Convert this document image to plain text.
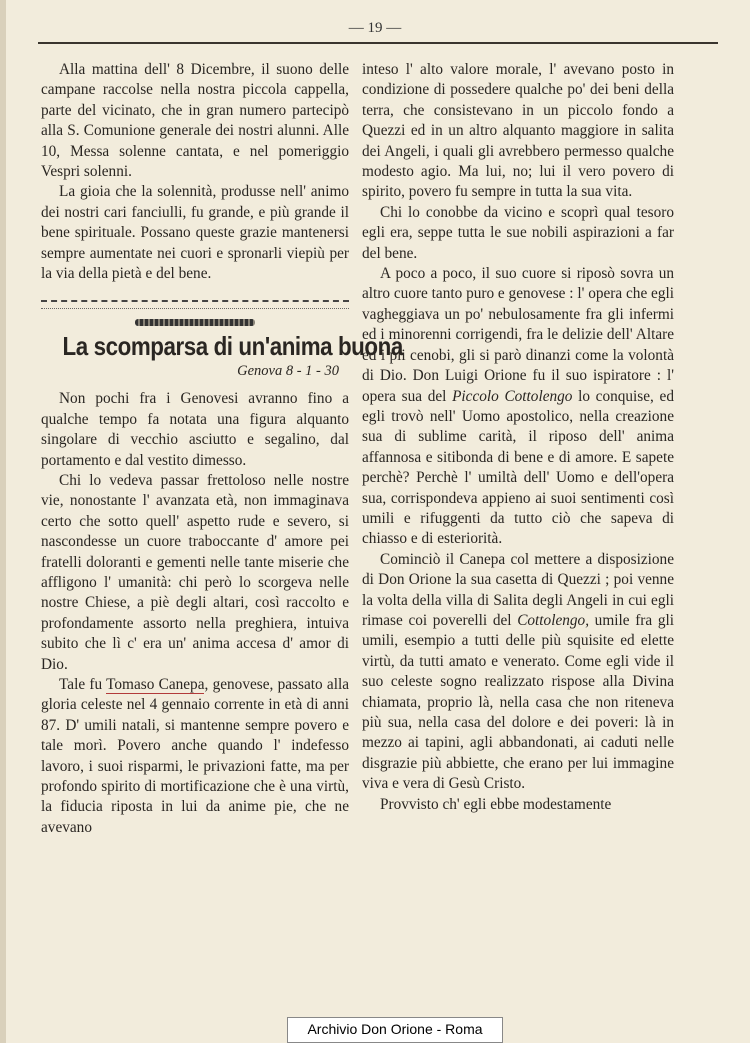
— 19 —

Alla mattina dell' 8 Dicembre, il suono delle campane raccolse nella nostra piccola cappella, parte del vicinato, che in gran numero partecipò alla S. Comunione generale dei nostri alunni. Alle 10, Messa solenne cantata, e nel pomeriggio Vespri solenni.

La gioia che la solennità, produsse nell' animo dei nostri cari fanciulli, fu grande, e più grande il bene spirituale. Possano queste grazie mantenersi sempre aumentate nei cuori e spronarli viepiù per la via della pietà e del bene.

La scomparsa di un'anima buona
Genova 8 - 1 - 30

Non pochi fra i Genovesi avranno fino a qualche tempo fa notata una figura alquanto singolare di vecchio asciutto e segalino, dal portamento e dal vestito dimesso.

Chi lo vedeva passar frettoloso nelle nostre vie, nonostante l' avanzata età, non immaginava certo che sotto quell' aspetto rude e severo, si nascondesse un cuore traboccante d' amore pei fratelli doloranti e gementi nelle tante miserie che affligono l' umanità: chi però lo scorgeva nelle nostre Chiese, a piè degli altari, così raccolto e profondamente assorto nella preghiera, intuiva subito che lì c' era un' anima accesa d' amor di Dio.

Tale fu Tomaso Canepa, genovese, passato alla gloria celeste nel 4 gennaio corrente in età di anni 87. D' umili natali, si mantenne sempre povero e tale morì. Povero anche quando l' indefesso lavoro, i suoi risparmi, le privazioni fatte, ma per profondo spirito di mortificazione che è una virtù, la fiducia riposta in lui da anime pie, che ne avevano

inteso l' alto valore morale, l' avevano posto in condizione di possedere qualche po' dei beni della terra, che consistevano in un piccolo fondo a Quezzi ed in un altro alquanto maggiore in salita dei Angeli, i quali gli avrebbero permesso qualche modesto agio. Ma lui, no; lui il vero povero di spirito, povero fu sempre in tutta la sua vita.

Chi lo conobbe da vicino e scoprì qual tesoro egli era, seppe tutta le sue nobili aspirazioni a far del bene.

A poco a poco, il suo cuore si riposò sovra un altro cuore tanto puro e genovese : l' opera che egli vagheggiava un po' nebulosamente fra gli infermi ed i minorenni corrigendi, fra le delizie dell' Altare ed i pii cenobi, gli si parò dinanzi come la volontà di Dio. Don Luigi Orione fu il suo ispiratore : l' opera sua del Piccolo Cottolengo lo conquise, ed egli trovò nell' Uomo apostolico, nella creazione sua di sublime carità, il riposo dell' anima affannosa e sitibonda di bene e di amore. E sapete perchè? Perchè l' umiltà dell' Uomo e dell'opera sua, corrispondeva appieno ai suoi sentimenti così umili e rifuggenti da tutto ciò che sapeva di chiasso e di esteriorità.

Cominciò il Canepa col mettere a disposizione di Don Orione la sua casetta di Quezzi ; poi venne la volta della villa di Salita degli Angeli in cui egli rimase coi poverelli del Cottolengo, umile fra gli umili, esempio a tutti delle più squisite ed elette virtù, da tutti amato e venerato. Come egli vide il suo celeste sogno realizzato rispose alla Divina chiamata, proprio là, nella casa che non riteneva più sua, nella casa del dolore e dei poveri: là in mezzo ai tapini, agli abbandonati, ai caduti nelle disgrazie più abbiette, che erano per lui immagine viva e vera di Gesù Cristo.

Provvisto ch' egli ebbe modestamente

Archivio Don Orione - Roma
